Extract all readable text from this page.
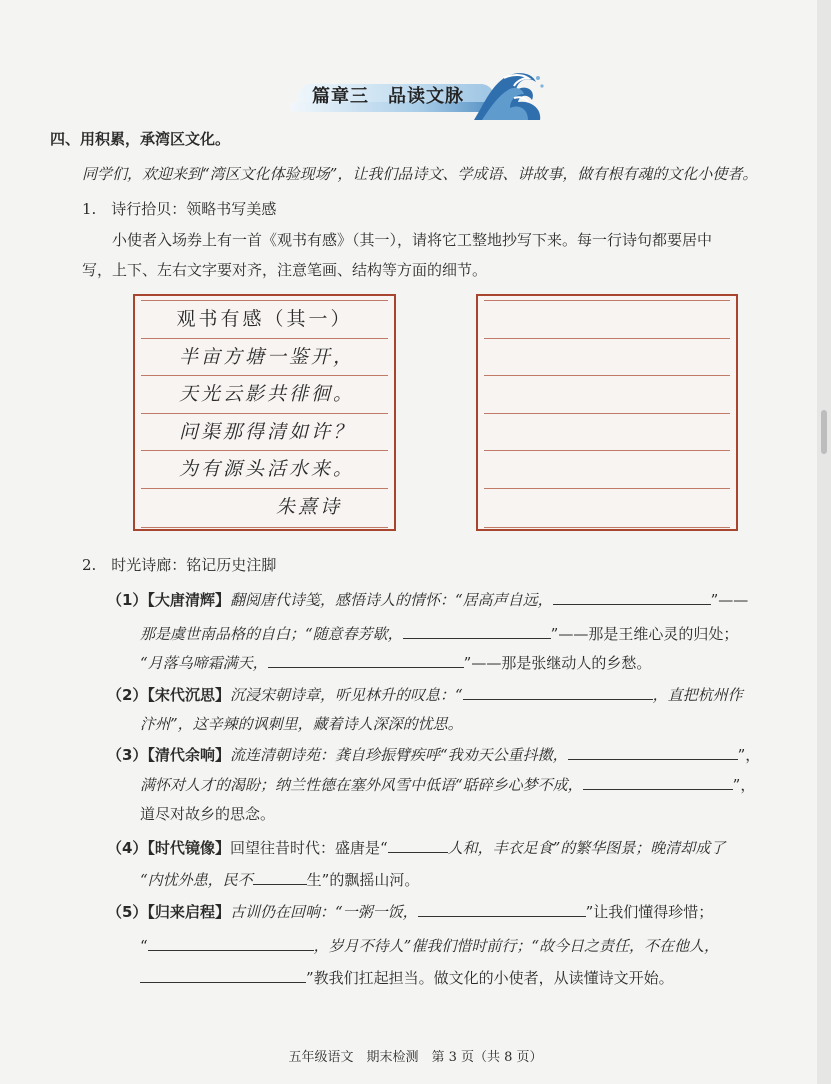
篇章三　品读文脉
四、用积累，承湾区文化。
同学们，欢迎来到“湾区文化体验现场”，让我们品诗文、学成语、讲故事，做有根有魂的文化小使者。
1.　诗行拾贝：领略书写美感
小使者入场券上有一首《观书有感》（其一），请将它工整地抄写下来。每一行诗句都要居中
写，上下、左右文字要对齐，注意笔画、结构等方面的细节。
观书有感（其一）
半亩方塘一鉴开，
天光云影共徘徊。
问渠那得清如许？
为有源头活水来。
朱熹诗
2.　时光诗廊：铭记历史注脚
（1）【大唐清辉】翻阅唐代诗笺，感悟诗人的情怀：“居高声自远，	”——
那是虞世南品格的自白；“随意春芳歇，	”——那是王维心灵的归处；
“月落乌啼霜满天，	”——那是张继动人的乡愁。
（2）【宋代沉思】沉浸宋朝诗章，听见林升的叹息：“	，直把杭州作
汴州”，这辛辣的讽刺里，藏着诗人深深的忧思。
（3）【清代余响】流连清朝诗苑：龚自珍振臂疾呼“我劝天公重抖擞，	”，
满怀对人才的渴盼；纳兰性德在塞外风雪中低语“聒碎乡心梦不成，	”，
道尽对故乡的思念。
（4）【时代镜像】回望往昔时代：盛唐是“	人和，丰衣足食”的繁华图景；晚清却成了
“内忧外患，民不	生”的飘摇山河。
（5）【归来启程】古训仍在回响：“一粥一饭，	”让我们懂得珍惜；
“	，岁月不待人”催我们惜时前行；“故今日之责任，不在他人，
”教我们扛起担当。做文化的小使者，从读懂诗文开始。
五年级语文　期末检测　第 3 页（共 8 页）
